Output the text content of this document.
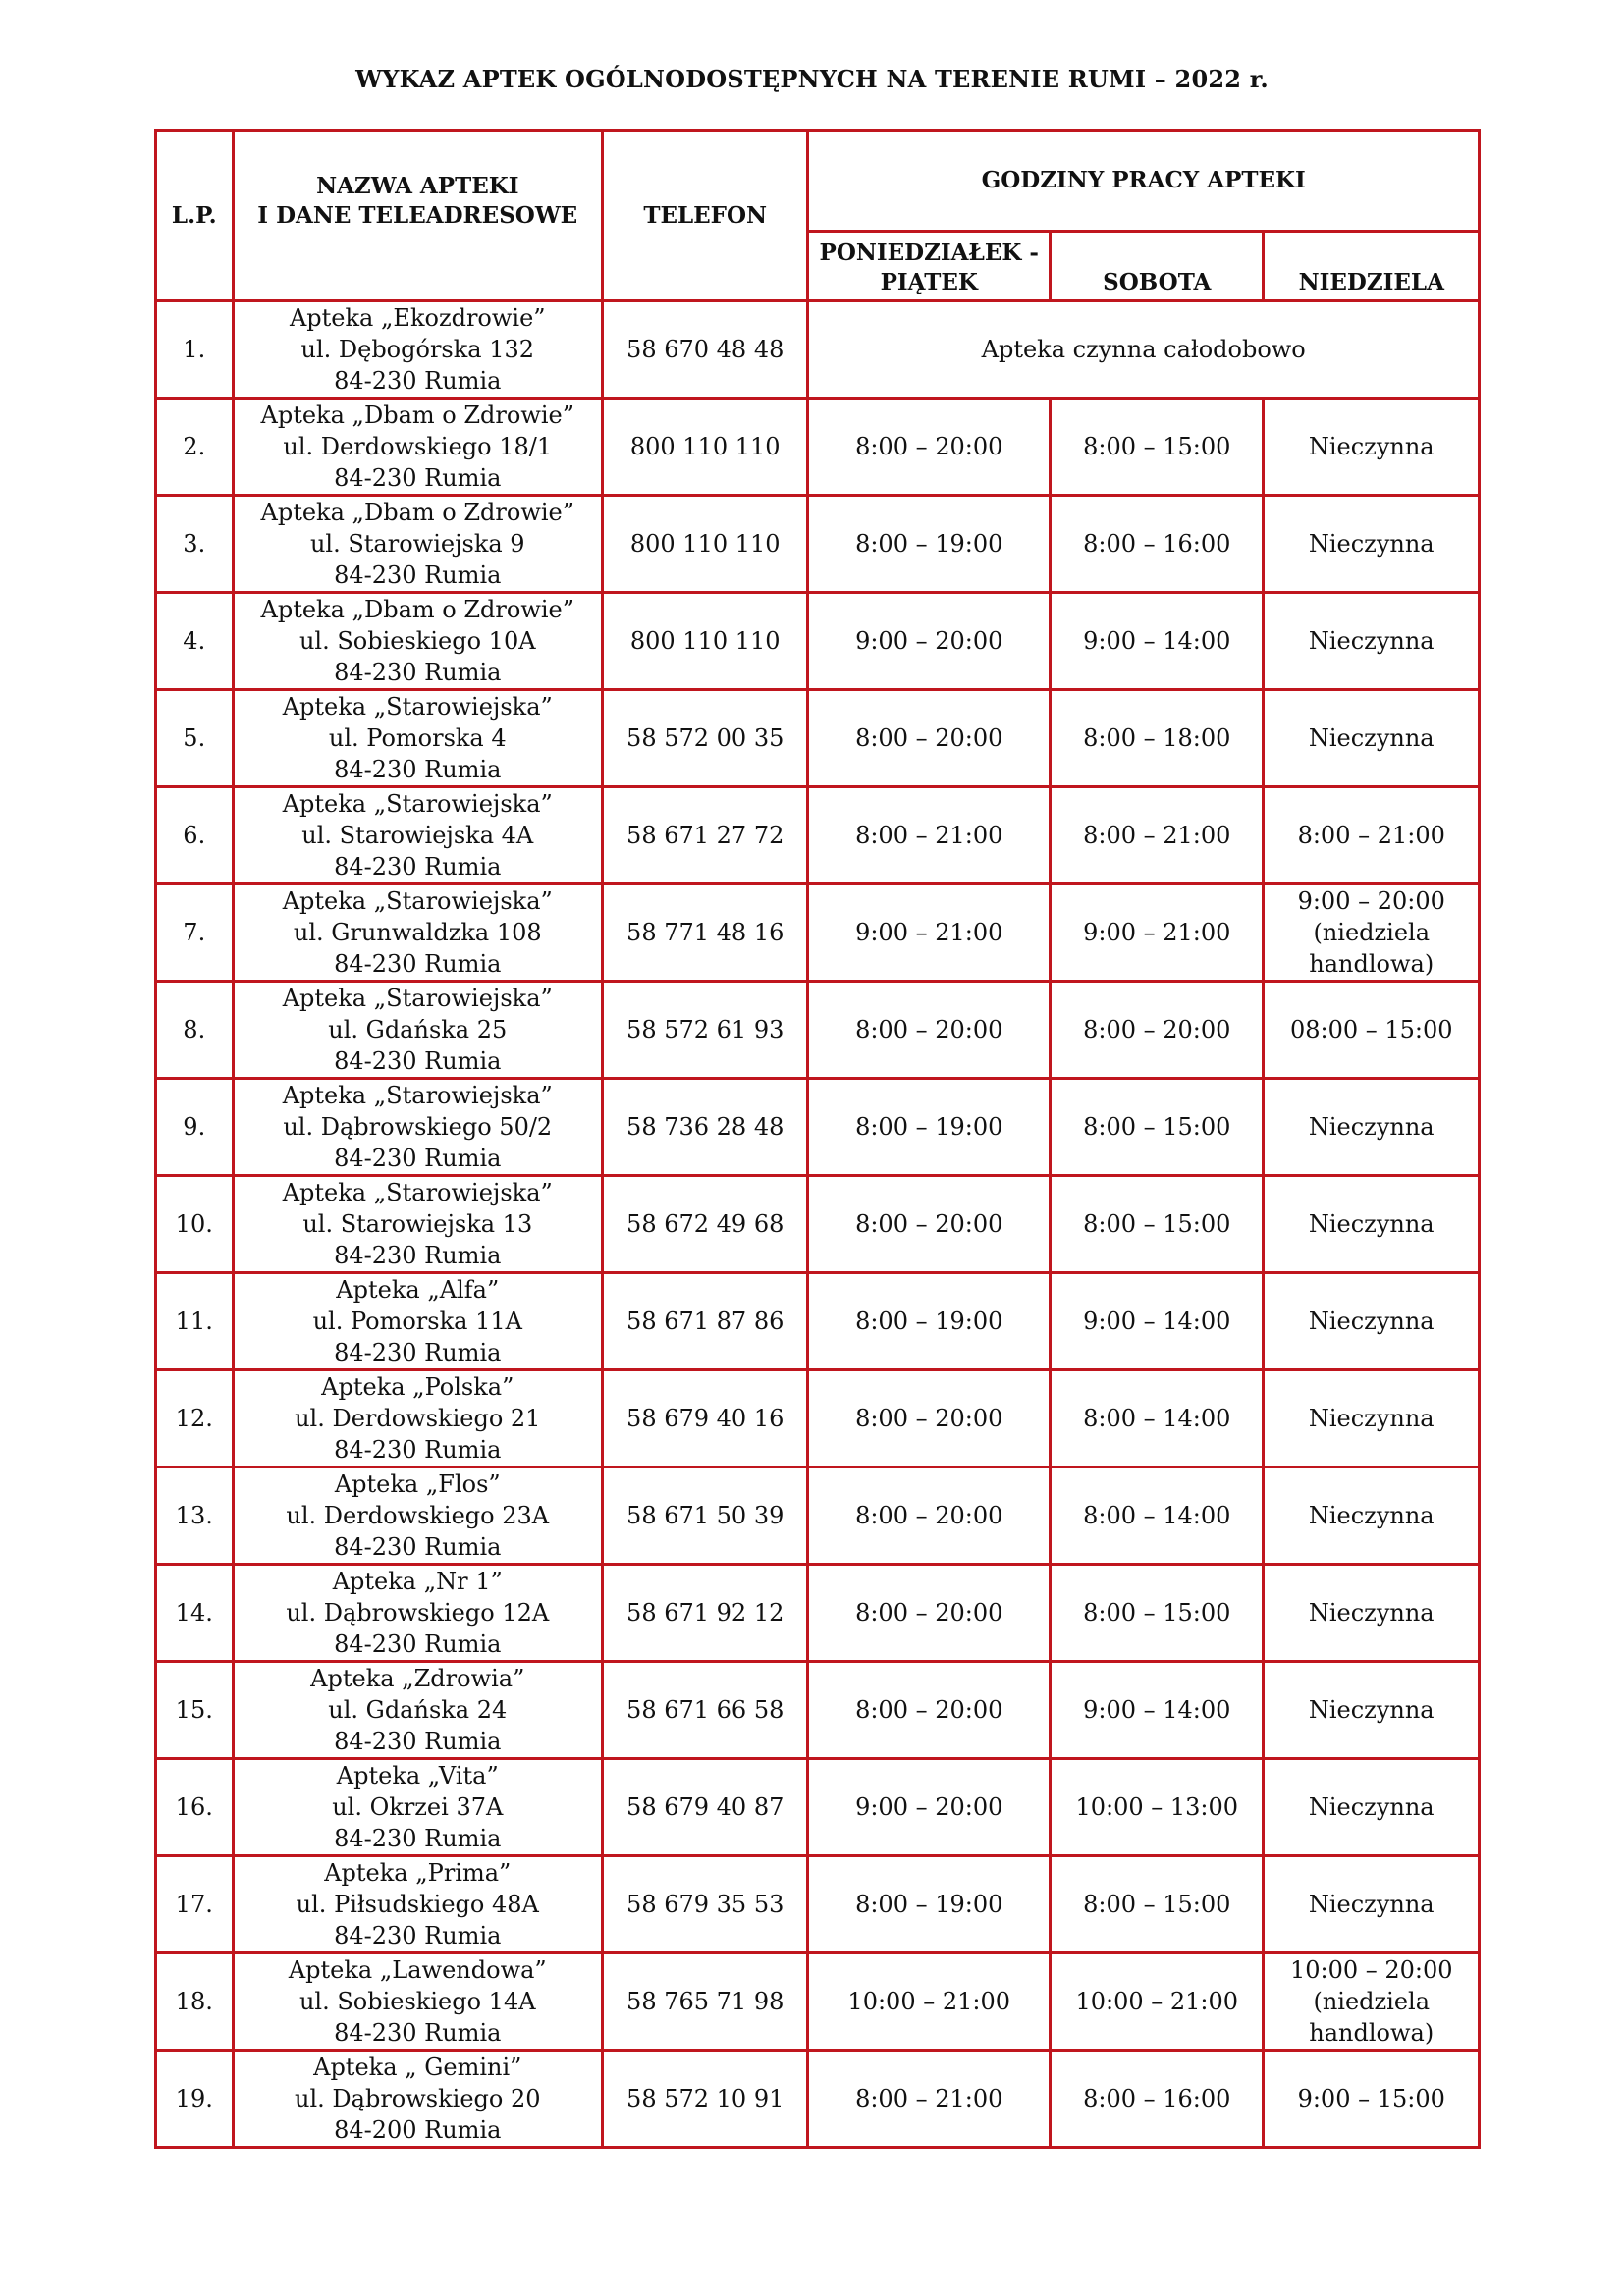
WYKAZ APTEK OGÓLNODOSTĘPNYCH NA TERENIE RUMI – 2022 r.
L.P.	NAZWA APTEKI
I DANE TELEADRESOWE	TELEFON	GODZINY PRACY APTEKI		

			PONIEDZIAŁEK -
PIĄTEK	SOBOTA	NIEDZIELA
1.	Apteka „Ekozdrowie”
ul. Dębogórska 132
84-230 Rumia	58 670 48 48	Apteka czynna całodobowo		
2.	Apteka „Dbam o Zdrowie”
ul. Derdowskiego 18/1
84-230 Rumia	800 110 110	8:00 – 20:00	8:00 – 15:00	Nieczynna

3.	Apteka „Dbam o Zdrowie”
ul. Starowiejska 9
84-230 Rumia	800 110 110	8:00 – 19:00	8:00 – 16:00	Nieczynna

4.	Apteka „Dbam o Zdrowie”
ul. Sobieskiego 10A
84-230 Rumia	800 110 110	9:00 – 20:00	9:00 – 14:00	Nieczynna

5.	Apteka „Starowiejska”
ul. Pomorska 4
84-230 Rumia	58 572 00 35	8:00 – 20:00	8:00 – 18:00	Nieczynna

6.	Apteka „Starowiejska”
ul. Starowiejska 4A
84-230 Rumia	58 671 27 72	8:00 – 21:00	8:00 – 21:00	8:00 – 21:00

7.	Apteka „Starowiejska”
ul. Grunwaldzka 108
84-230 Rumia	58 771 48 16	9:00 – 21:00	9:00 – 21:00	9:00 – 20:00
(niedziela
handlowa)

8.	Apteka „Starowiejska”
ul. Gdańska 25
84-230 Rumia	58 572 61 93	8:00 – 20:00	8:00 – 20:00	08:00 – 15:00

9.	Apteka „Starowiejska”
ul. Dąbrowskiego 50/2
84-230 Rumia	58 736 28 48	8:00 – 19:00	8:00 – 15:00	Nieczynna

10.	Apteka „Starowiejska”
ul. Starowiejska 13
84-230 Rumia	58 672 49 68	8:00 – 20:00	8:00 – 15:00	Nieczynna

11.	Apteka „Alfa”
ul. Pomorska 11A
84-230 Rumia	58 671 87 86	8:00 – 19:00	9:00 – 14:00	Nieczynna

12.	Apteka „Polska”
ul. Derdowskiego 21
84-230 Rumia	58 679 40 16	8:00 – 20:00	8:00 – 14:00	Nieczynna

13.	Apteka „Flos”
ul. Derdowskiego 23A
84-230 Rumia	58 671 50 39	8:00 – 20:00	8:00 – 14:00	Nieczynna

14.	Apteka „Nr 1”
ul. Dąbrowskiego 12A
84-230 Rumia	58 671 92 12	8:00 – 20:00	8:00 – 15:00	Nieczynna

15.	Apteka „Zdrowia”
ul. Gdańska 24
84-230 Rumia	58 671 66 58	8:00 – 20:00	9:00 – 14:00	Nieczynna

16.	Apteka „Vita”
ul. Okrzei 37A
84-230 Rumia	58 679 40 87	9:00 – 20:00	10:00 – 13:00	Nieczynna

17.	Apteka „Prima”
ul. Piłsudskiego 48A
84-230 Rumia	58 679 35 53	8:00 – 19:00	8:00 – 15:00	Nieczynna

18.	Apteka „Lawendowa”
ul. Sobieskiego 14A
84-230 Rumia	58 765 71 98	10:00 – 21:00	10:00 – 21:00	10:00 – 20:00
(niedziela
handlowa)

19.	Apteka „ Gemini”
ul. Dąbrowskiego 20
84-200 Rumia	58 572 10 91	8:00 – 21:00	8:00 – 16:00	9:00 – 15:00
